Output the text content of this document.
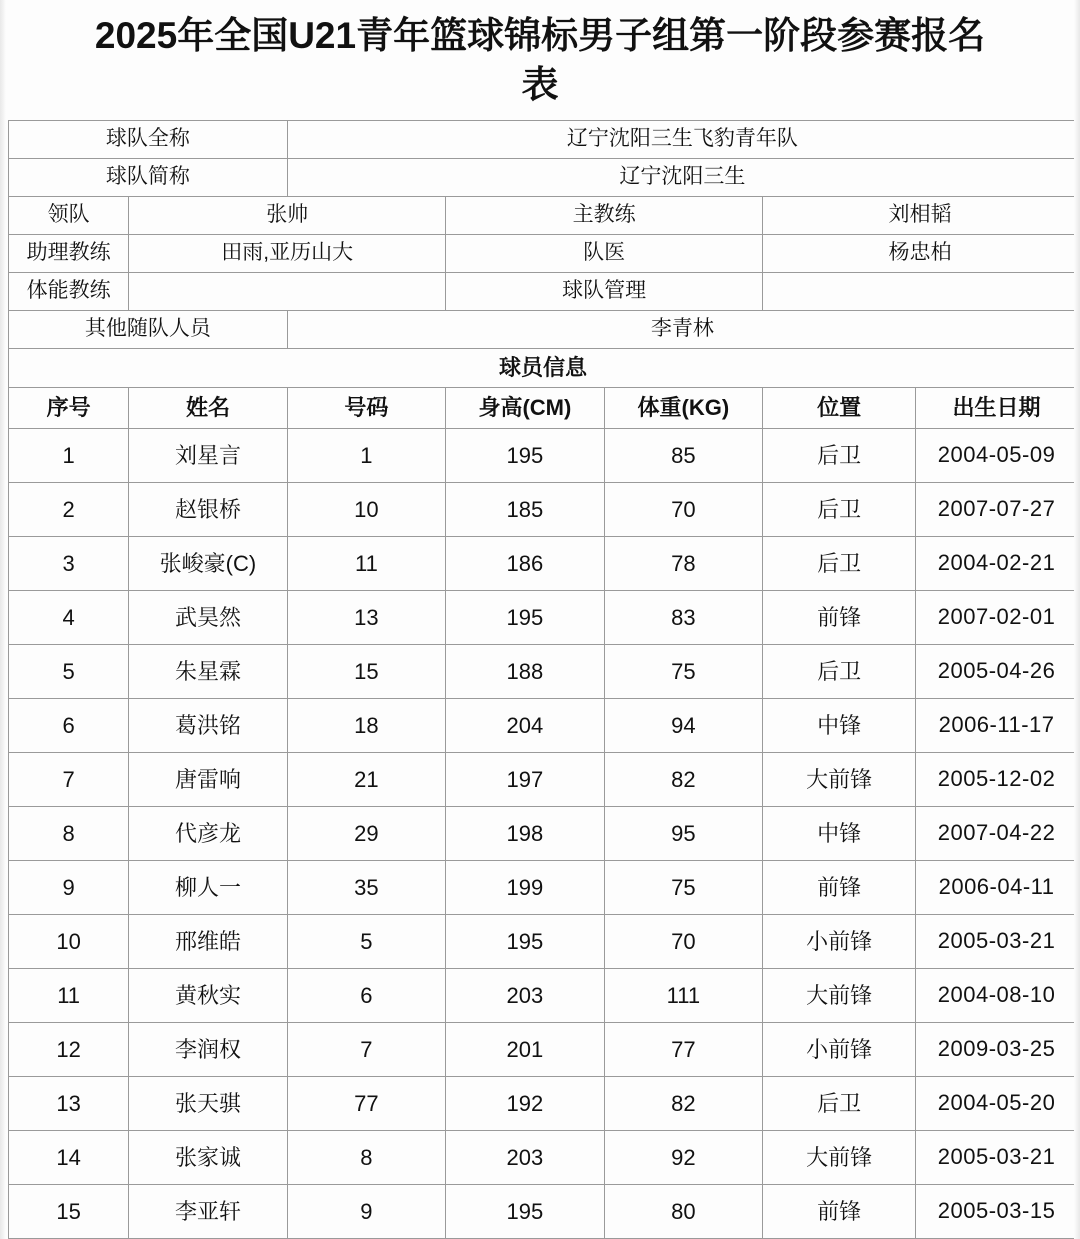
2025年全国U21青年篮球锦标男子组第一阶段参赛报名
表
球队全称		辽宁沈阳三生飞豹青年队				
球队简称		辽宁沈阳三生				
领队	张帅		主教练		刘相韬	
助理教练	田雨,亚历山大		队医		杨忠柏	
体能教练			球队管理			
其他随队人员		李青林				
球员信息						
序号	姓名	号码	身高(CM)	体重(KG)	位置	出生日期
1	刘星言	1	195	85	后卫	2004-05-09
2	赵银桥	10	185	70	后卫	2007-07-27
3	张峻豪(C)	11	186	78	后卫	2004-02-21
4	武昊然	13	195	83	前锋	2007-02-01
5	朱星霖	15	188	75	后卫	2005-04-26
6	葛洪铭	18	204	94	中锋	2006-11-17
7	唐雷响	21	197	82	大前锋	2005-12-02
8	代彦龙	29	198	95	中锋	2007-04-22
9	柳人一	35	199	75	前锋	2006-04-11
10	邢维皓	5	195	70	小前锋	2005-03-21
11	黄秋实	6	203	111	大前锋	2004-08-10
12	李润权	7	201	77	小前锋	2009-03-25
13	张天骐	77	192	82	后卫	2004-05-20
14	张家诚	8	203	92	大前锋	2005-03-21
15	李亚轩	9	195	80	前锋	2005-03-15
